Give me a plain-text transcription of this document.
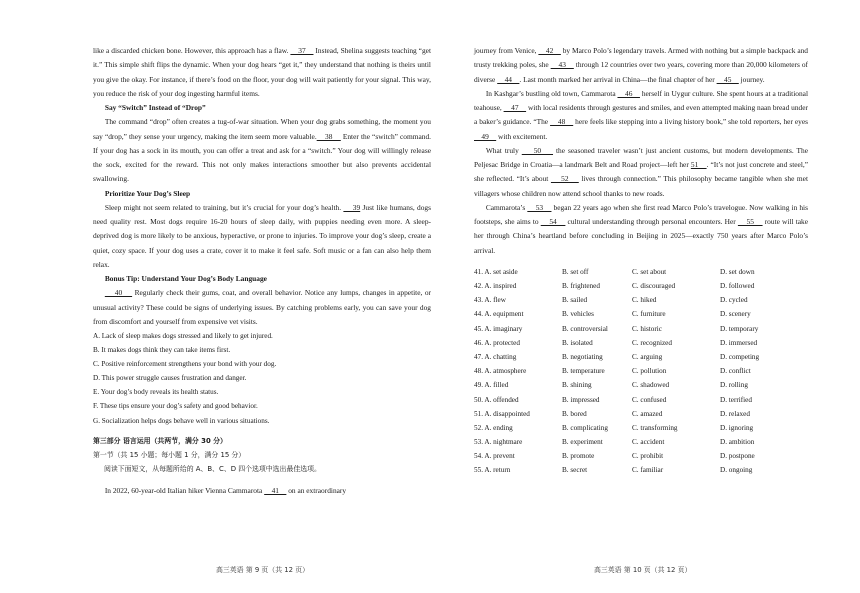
like a discarded chicken bone. However, this approach has a flaw.     37     Instead, Shelina suggests teaching “get it.” This simple shift flips the dynamic. When your dog hears “get it,” they understand that nothing is theirs until you give the okay. For instance, if there’s food on the floor, your dog will wait patiently for your signal. This way, you reduce the risk of your dog ingesting harmful items.

Say “Switch” Instead of “Drop”

The command “drop” often creates a tug-of-war situation. When your dog grabs something, the moment you say “drop,” they sense your urgency, making the item seem more valuable.    38     Enter the “switch” command. If your dog has a sock in its mouth, you can offer a treat and ask for a “switch.” Your dog will willingly release the sock, excited for the reward. This not only makes interactions smoother but also prevents accidental swallowing.

Prioritize Your Dog’s Sleep

Sleep might not seem related to training, but it’s crucial for your dog’s health.     39 Just like humans, dogs need quality rest. Most dogs require 16-20 hours of sleep daily, with puppies needing even more. A sleep-deprived dog is more likely to be anxious, hyperactive, or prone to injuries. To improve your dog’s sleep, create a quiet, cozy space. If your dog uses a crate, cover it to make it feel safe. Soft music or a fan can also help them relax.

Bonus Tip: Understand Your Dog’s Body Language

40     Regularly check their gums, coat, and overall behavior. Notice any lumps, changes in appetite, or unusual activity? These could be signs of underlying issues. By catching problems early, you can save your dog from discomfort and yourself from expensive vet visits.

A. Lack of sleep makes dogs stressed and likely to get injured.
B. It makes dogs think they can take items first.
C. Positive reinforcement strengthens your bond with your dog.
D. This power struggle causes frustration and danger.
E. Your dog’s body reveals its health status.
F. These tips ensure your dog’s safety and good behavior.
G. Socialization helps dogs behave well in various situations.
第三部分 语言运用（共两节，满分 30 分）
第一节（共 15 小题；每小题 1 分，满分 15 分）
阅读下面短文，从每题所给的 A、B、C、D 四个选项中选出最佳选项。

In 2022, 60-year-old Italian hiker Vienna Cammarota     41     on an extraordinary

journey from Venice,     42     by Marco Polo’s legendary travels. Armed with nothing but a simple backpack and trusty trekking poles, she     43     through 12 countries over two years, covering more than 20,000 kilometers of diverse     44    . Last month marked her arrival in China—the final chapter of her     45     journey.

In Kashgar’s bustling old town, Cammarota     46     herself in Uygur culture. She spent hours at a traditional teahouse,     47     with local residents through gestures and smiles, and even attempted making naan bread under a baker’s guidance. “The     48     here feels like stepping into a living history book,” she told reporters, her eyes     49     with excitement.

What truly     50     the seasoned traveler wasn’t just ancient customs, but modern developments. The Peljesac Bridge in Croatia—a landmark Belt and Road project—left her 51    . “It’s not just concrete and steel,” she reflected. “It’s about     52     lives through connection.” This philosophy became tangible when she met villagers whose children now attend school thanks to new roads.

Cammarota’s     53     began 22 years ago when she first read Marco Polo’s travelogue. Now walking in his footsteps, she aims to     54     cultural understanding through personal encounters. Her     55     route will take her through China’s heartland before concluding in Beijing in 2025—exactly 750 years after Marco Polo’s arrival.

41. A. set aside	B. set off	C. set about	D. set down
42. A. inspired	B. frightened	C. discouraged	D. followed
43. A. flew	B. sailed	C. hiked	D. cycled
44. A. equipment	B. vehicles	C. furniture	D. scenery
45. A. imaginary	B. controversial	C. historic	D. temporary
46. A. protected	B. isolated	C. recognized	D. immersed
47. A. chatting	B. negotiating	C. arguing	D. competing
48. A. atmosphere	B. temperature	C. pollution	D. conflict
49. A. filled	B. shining	C. shadowed	D. rolling
50. A. offended	B. impressed	C. confused	D. terrified
51. A. disappointed	B. bored	C. amazed	D. relaxed
52. A. ending	B. complicating	C. transforming	D. ignoring
53. A. nightmare	B. experiment	C. accident	D. ambition
54. A. prevent	B. promote	C. prohibit	D. postpone
55. A. return	B. secret	C. familiar	D. ongoing
高三英语 第 9 页（共 12 页）	高三英语 第 10 页（共 12 页）
